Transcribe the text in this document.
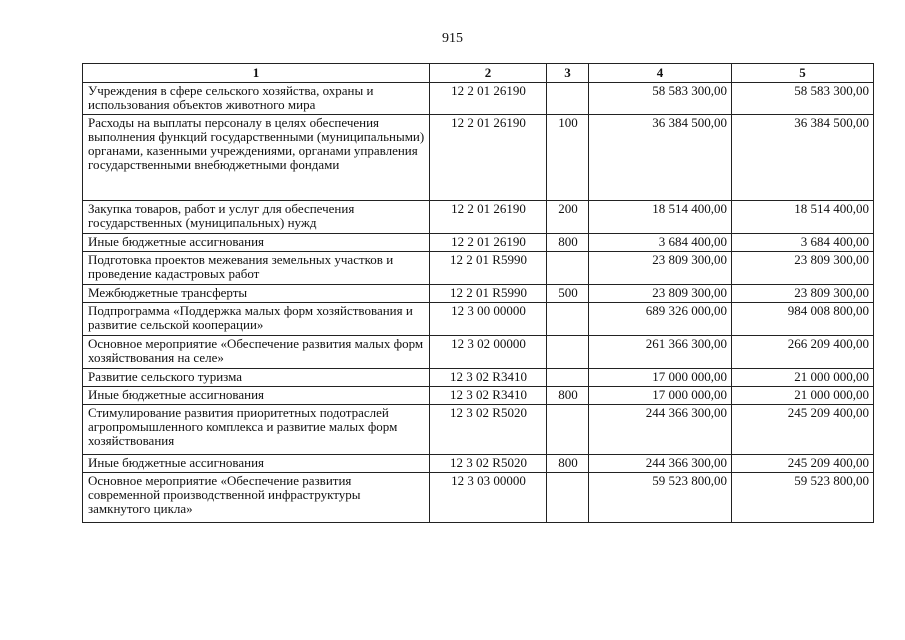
915
1	2	3	4	5
Учреждения в сфере сельского хозяйства, охраны и использования объектов животного мира	12 2 01 26190		58 583 300,00	58 583 300,00
Расходы на выплаты персоналу в целях обеспечения выполнения функций государственными (муниципальными) органами, казенными учреждениями, органами управления государственными внебюджетными фондами	12 2 01 26190	100	36 384 500,00	36 384 500,00
Закупка товаров, работ и услуг для обеспечения государственных (муниципальных) нужд	12 2 01 26190	200	18 514 400,00	18 514 400,00
Иные бюджетные ассигнования	12 2 01 26190	800	3 684 400,00	3 684 400,00
Подготовка проектов межевания земельных участков и проведение кадастровых работ	12 2 01 R5990		23 809 300,00	23 809 300,00
Межбюджетные трансферты	12 2 01 R5990	500	23 809 300,00	23 809 300,00
Подпрограмма «Поддержка малых форм хозяйствования и развитие сельской кооперации»	12 3 00 00000		689 326 000,00	984 008 800,00
Основное мероприятие «Обеспечение развития малых форм хозяйствования на селе»	12 3 02 00000		261 366 300,00	266 209 400,00
Развитие сельского туризма	12 3 02 R3410		17 000 000,00	21 000 000,00
Иные бюджетные ассигнования	12 3 02 R3410	800	17 000 000,00	21 000 000,00
Стимулирование развития приоритетных подотраслей агропромышленного комплекса и развитие малых форм хозяйствования	12 3 02 R5020		244 366 300,00	245 209 400,00
Иные бюджетные ассигнования	12 3 02 R5020	800	244 366 300,00	245 209 400,00
Основное мероприятие «Обеспечение развития современной производственной инфраструктуры замкнутого цикла»	12 3 03 00000		59 523 800,00	59 523 800,00
